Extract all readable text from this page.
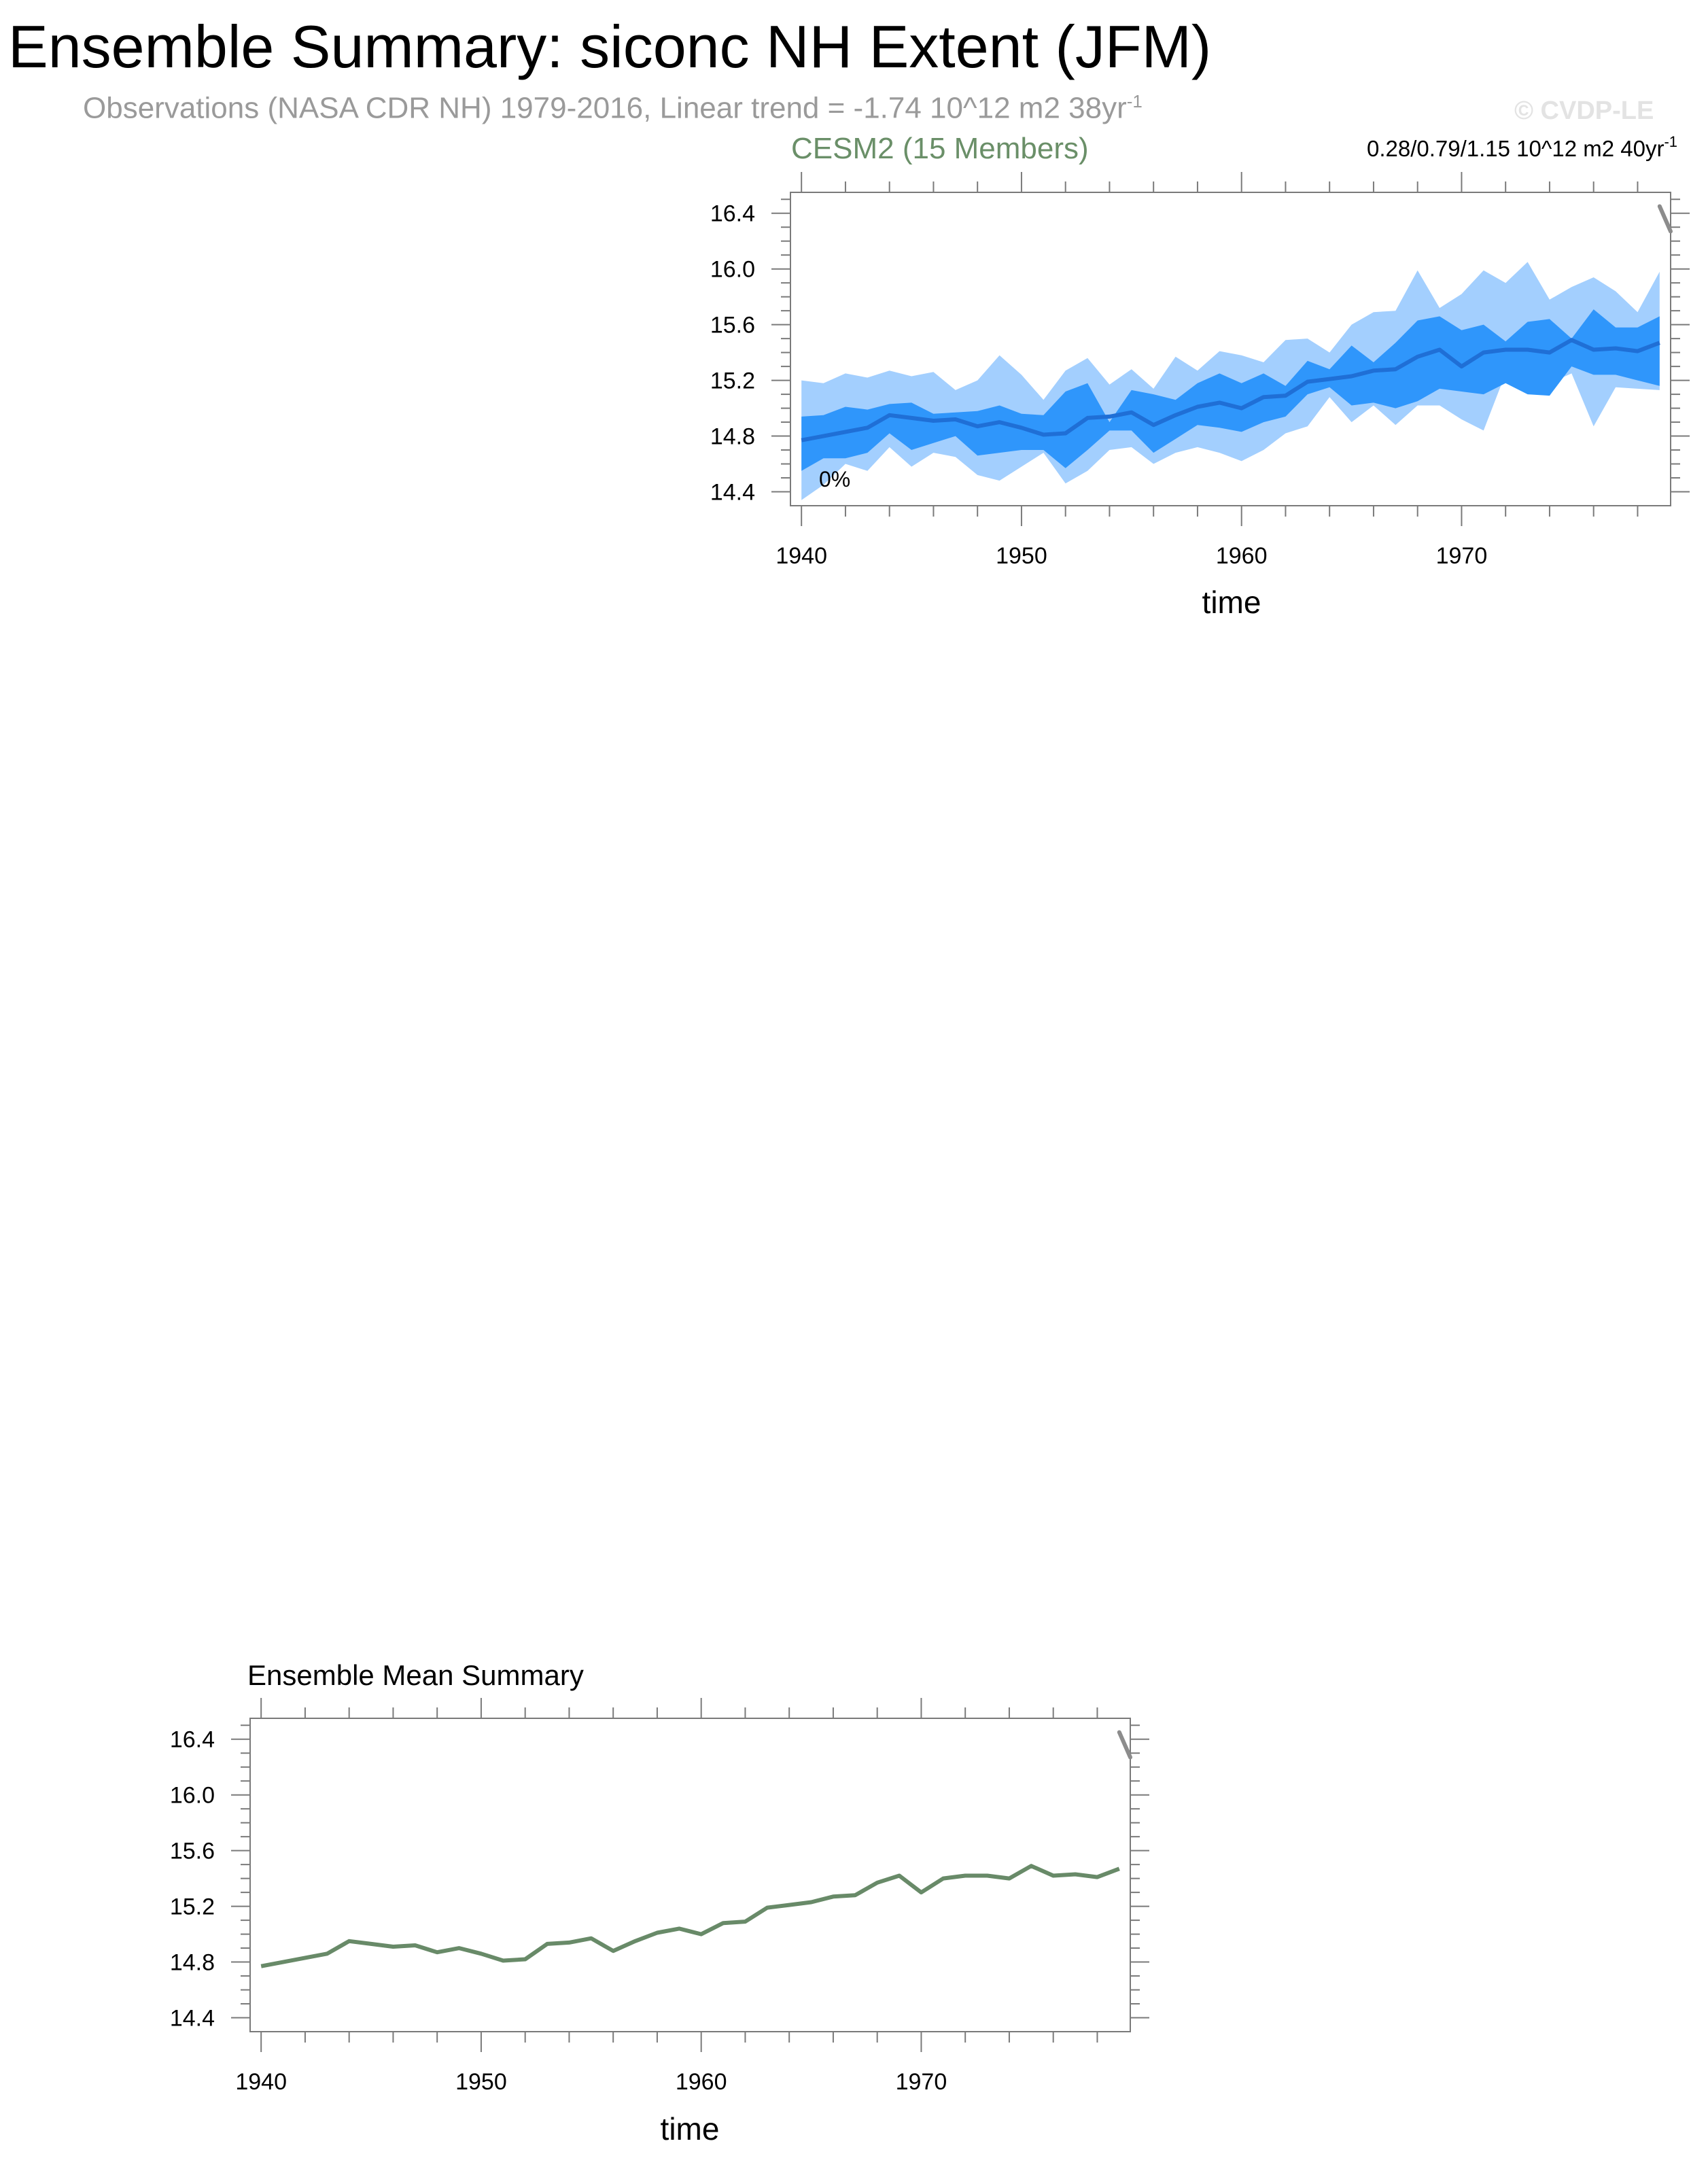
Ensemble Summary: siconc NH Extent (JFM)
Observations (NASA CDR NH) 1979-2016, Linear trend = -1.74 10^12 m2 $38yr^{-1}$	© CVDP-LE
CESM2 (15 Members)	0.28/0.79/1.15 10^12 m2 $40yr^{-1}$
1940	1950	1960	1970
14.4
14.8
15.2
15.6
16.0
16.4
0%
time
Ensemble Mean Summary
1940	1950	1960	1970
14.4
14.8
15.2
15.6
16.0
16.4
time
